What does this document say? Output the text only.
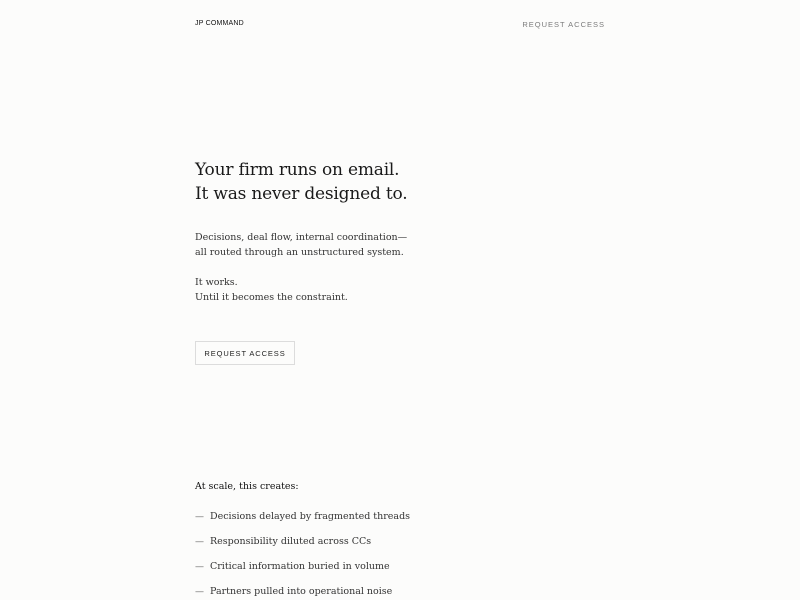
JP COMMAND	REQUEST ACCESS
Your firm runs on email.
It was never designed to.

Decisions, deal flow, internal coordination—
all routed through an unstructured system.

It works.
Until it becomes the constraint.

REQUEST ACCESS
At scale, this creates:
— Decisions delayed by fragmented threads
— Responsibility diluted across CCs
— Critical information buried in volume
— Partners pulled into operational noise
